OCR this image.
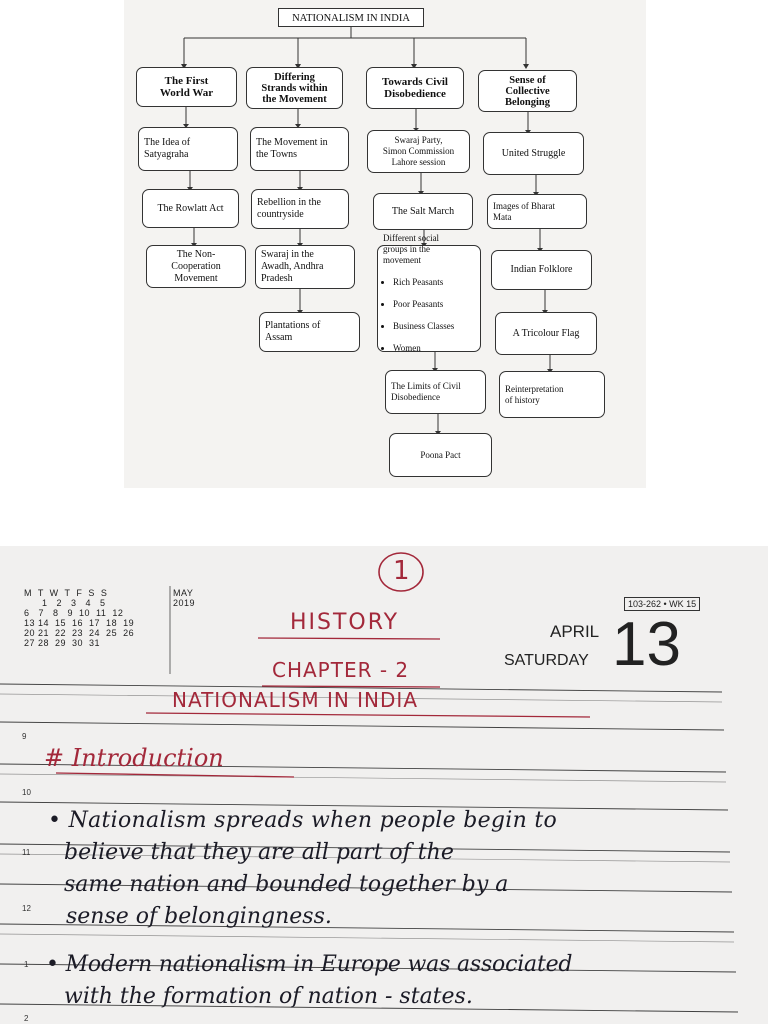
NATIONALISM IN INDIA
The First
World War
The Idea of
Satyagraha
The Rowlatt Act
The Non-
Cooperation
Movement
Differing
Strands within
the Movement
The Movement in
the Towns
Rebellion in the
countryside
Swaraj in the
Awadh, Andhra
Pradesh
Plantations of
Assam
Towards Civil
Disobedience
Swaraj Party,
Simon Commission
Lahore session
The Salt March
Different social
groups in the
movement

• Rich Peasants

• Poor Peasants

• Business Classes

• Women

The Limits of Civil
Disobedience
Poona Pact
Sense of
Collective
Belonging
United Struggle
Images of Bharat
Mata
Indian Folklore
A Tricolour Flag
Reinterpretation
of history
M  T  W  T  F  S  S
1   2   3   4   5
6   7   8   9  10  11  12
13 14  15  16  17  18  19
20 21  22  23  24  25  26
27 28  29  30  31
MAY
2019
1
HISTORY
CHAPTER - 2
NATIONALISM IN INDIA
# Introduction
103-262 • WK 15
APRIL
SATURDAY 13
9
10
11
12
1
2
• Nationalism spreads when people begin to
believe that they are all part of the
same nation and bounded together by a
sense of belongingness.
• Modern nationalism in Europe was associated
with the formation of nation - states.
